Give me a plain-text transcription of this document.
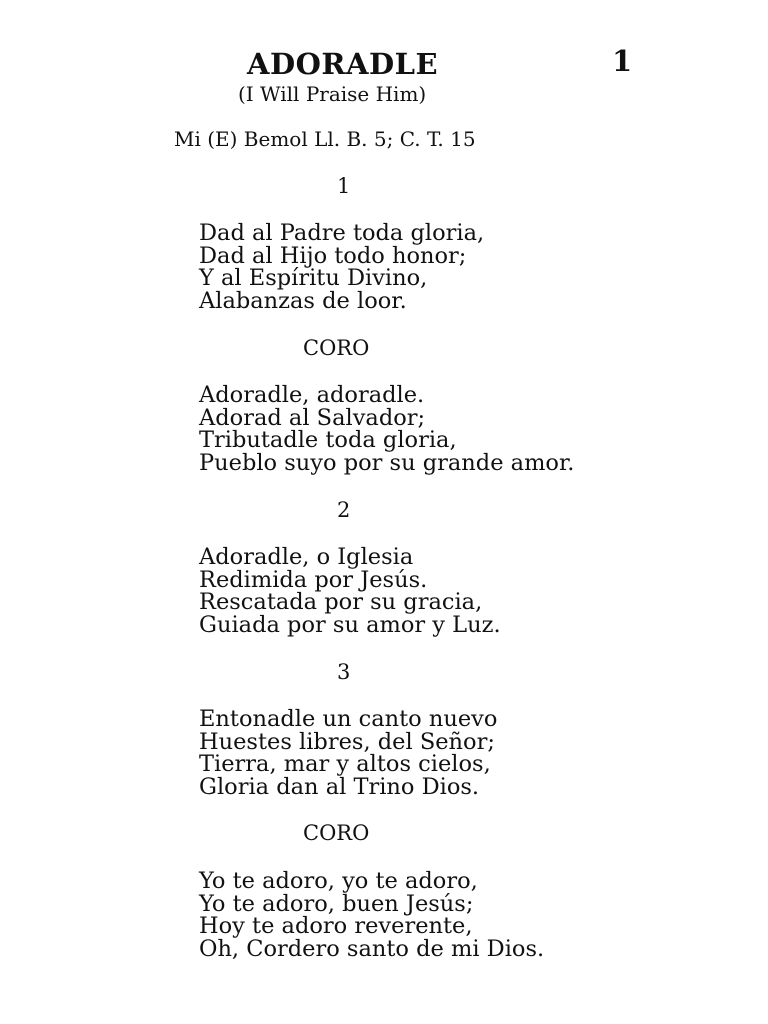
ADORADLE	1
(I Will Praise Him)
Mi (E) Bemol Ll. B. 5; C. T. 15
1
Dad al Padre toda gloria,
Dad al Hijo todo honor;
Y al Espíritu Divino,
Alabanzas de loor.
CORO
Adoradle, adoradle.
Adorad al Salvador;
Tributadle toda gloria,
Pueblo suyo por su grande amor.
2
Adoradle, o Iglesia
Redimida por Jesús.
Rescatada por su gracia,
Guiada por su amor y Luz.
3
Entonadle un canto nuevo
Huestes libres, del Señor;
Tierra, mar y altos cielos,
Gloria dan al Trino Dios.
CORO
Yo te adoro, yo te adoro,
Yo te adoro, buen Jesús;
Hoy te adoro reverente,
Oh, Cordero santo de mi Dios.
